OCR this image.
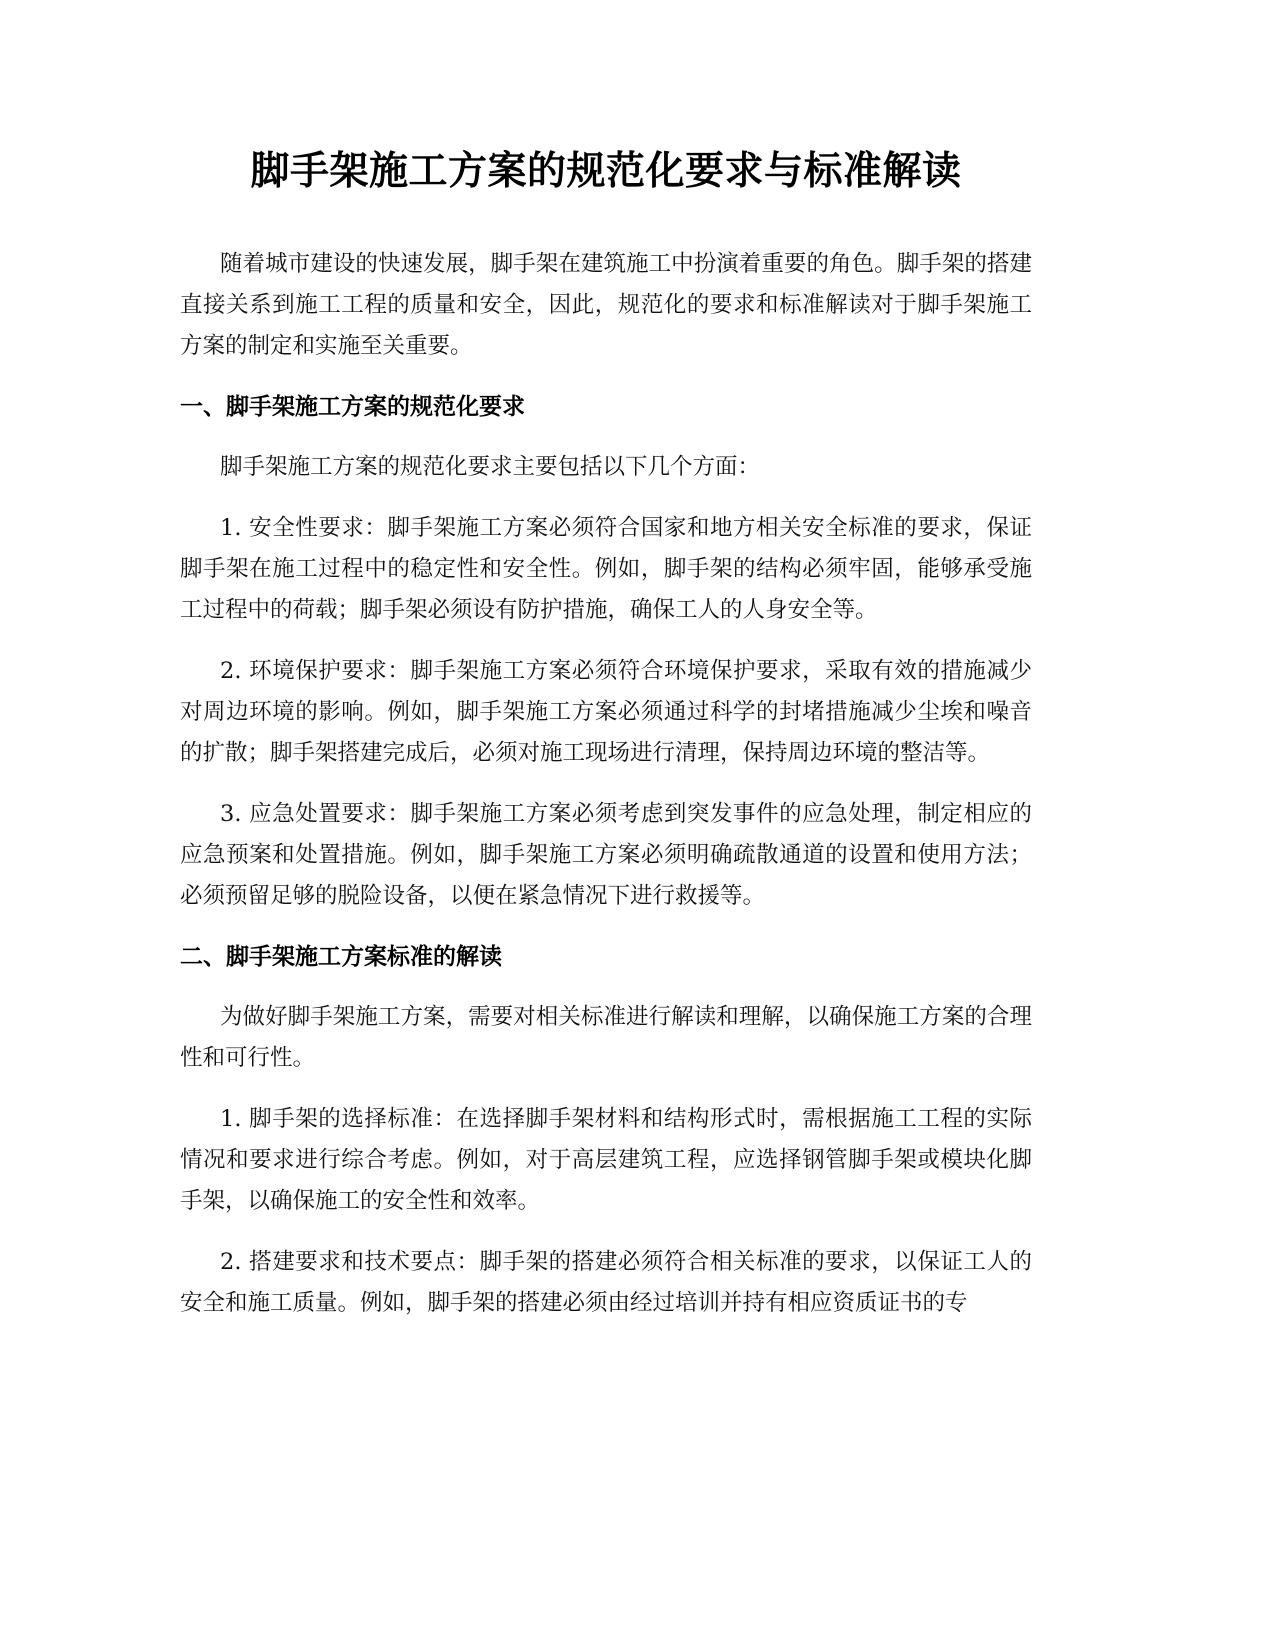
脚手架施工方案的规范化要求与标准解读

随着城市建设的快速发展，脚手架在建筑施工中扮演着重要的角色。脚手架的搭建直接关系到施工工程的质量和安全，因此，规范化的要求和标准解读对于脚手架施工方案的制定和实施至关重要。

一、脚手架施工方案的规范化要求

脚手架施工方案的规范化要求主要包括以下几个方面：

1. 安全性要求：脚手架施工方案必须符合国家和地方相关安全标准的要求，保证脚手架在施工过程中的稳定性和安全性。例如，脚手架的结构必须牢固，能够承受施工过程中的荷载；脚手架必须设有防护措施，确保工人的人身安全等。

2. 环境保护要求：脚手架施工方案必须符合环境保护要求，采取有效的措施减少对周边环境的影响。例如，脚手架施工方案必须通过科学的封堵措施减少尘埃和噪音的扩散；脚手架搭建完成后，必须对施工现场进行清理，保持周边环境的整洁等。

3. 应急处置要求：脚手架施工方案必须考虑到突发事件的应急处理，制定相应的应急预案和处置措施。例如，脚手架施工方案必须明确疏散通道的设置和使用方法；必须预留足够的脱险设备，以便在紧急情况下进行救援等。

二、脚手架施工方案标准的解读

为做好脚手架施工方案，需要对相关标准进行解读和理解，以确保施工方案的合理性和可行性。

1. 脚手架的选择标准：在选择脚手架材料和结构形式时，需根据施工工程的实际情况和要求进行综合考虑。例如，对于高层建筑工程，应选择钢管脚手架或模块化脚手架，以确保施工的安全性和效率。

2. 搭建要求和技术要点：脚手架的搭建必须符合相关标准的要求，以保证工人的安全和施工质量。例如，脚手架的搭建必须由经过培训并持有相应资质证书的专
